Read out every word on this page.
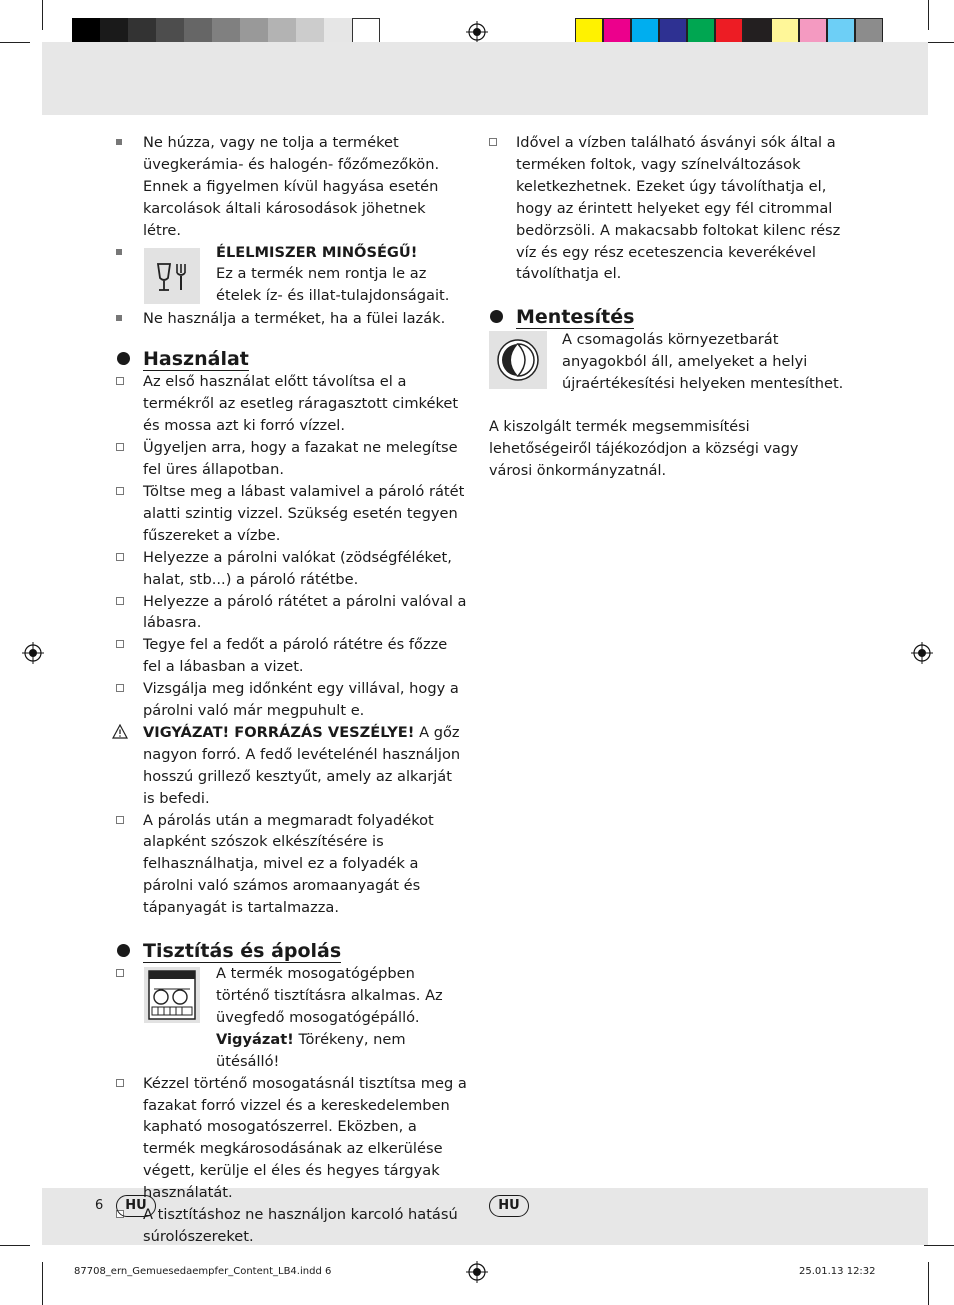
Ne húzza, vagy ne tolja a terméket üvegkerámia- és halogén- főzőmezőkön. Ennek a figyelmen kívül hagyása esetén karcolások általi károsodások jöhetnek létre.
ÉLELMISZER MINŐSÉGŰ!
Ez a termék nem rontja le az ételek íz- és illat-tulajdonságait.
Ne használja a terméket, ha a fülei lazák.
Használat
Az első használat előtt távolítsa el a termékről az esetleg ráragasztott cimkéket és mossa azt ki forró vízzel.
Ügyeljen arra, hogy a fazakat ne melegítse fel üres állapotban.
Töltse meg a lábast valamivel a pároló rátét alatti szintig vizzel. Szükség esetén tegyen fűszereket a vízbe.
Helyezze a párolni valókat (zödségféléket, halat, stb...) a pároló rátétbe.
Helyezze a pároló rátétet a párolni valóval a lábasra.
Tegye fel a fedőt a pároló rátétre és főzze fel a lábasban a vizet.
Vizsgálja meg időnként egy villával, hogy a párolni való már megpuhult e.
VIGYÁZAT! FORRÁZÁS VESZÉLYE! A gőz nagyon forró. A fedő levételénél használjon hosszú grillező kesztyűt, amely az alkarját is befedi.
A párolás után a megmaradt folyadékot alapként szószok elkészítésére is felhasználhatja, mivel ez a folyadék a párolni való számos aromaanyagát és tápanyagát is tartalmazza.
Tisztítás és ápolás
A termék mosogatógépben történő tisztításra alkalmas. Az üvegfedő mosogatógépálló. Vigyázat! Törékeny, nem ütésálló!
Kézzel történő mosogatásnál tisztítsa meg a fazakat forró vizzel és a kereskedelemben kapható mosogatószerrel. Eközben, a termék megkárosodásának az elkerülése végett, kerülje el éles és hegyes tárgyak használatát.
A tisztításhoz ne használjon karcoló hatású súrolószereket.
Idővel a vízben található ásványi sók által a terméken foltok, vagy színelváltozások keletkezhetnek. Ezeket úgy távolíthatja el, hogy az érintett helyeket egy fél citrommal bedörzsöli. A makacsabb foltokat kilenc rész víz és egy rész eceteszencia keverékével távolíthatja el.
Mentesítés
A csomagolás környezetbarát anyagokból áll, amelyeket a helyi újraértékesítési helyeken mentesíthet.
A kiszolgált termék megsemmisítési lehetőségeiről tájékozódjon a községi vagy városi önkormányzatnál.
6	HU	HU
87708_ern_Gemuesedaempfer_Content_LB4.indd 6	25.01.13 12:32
